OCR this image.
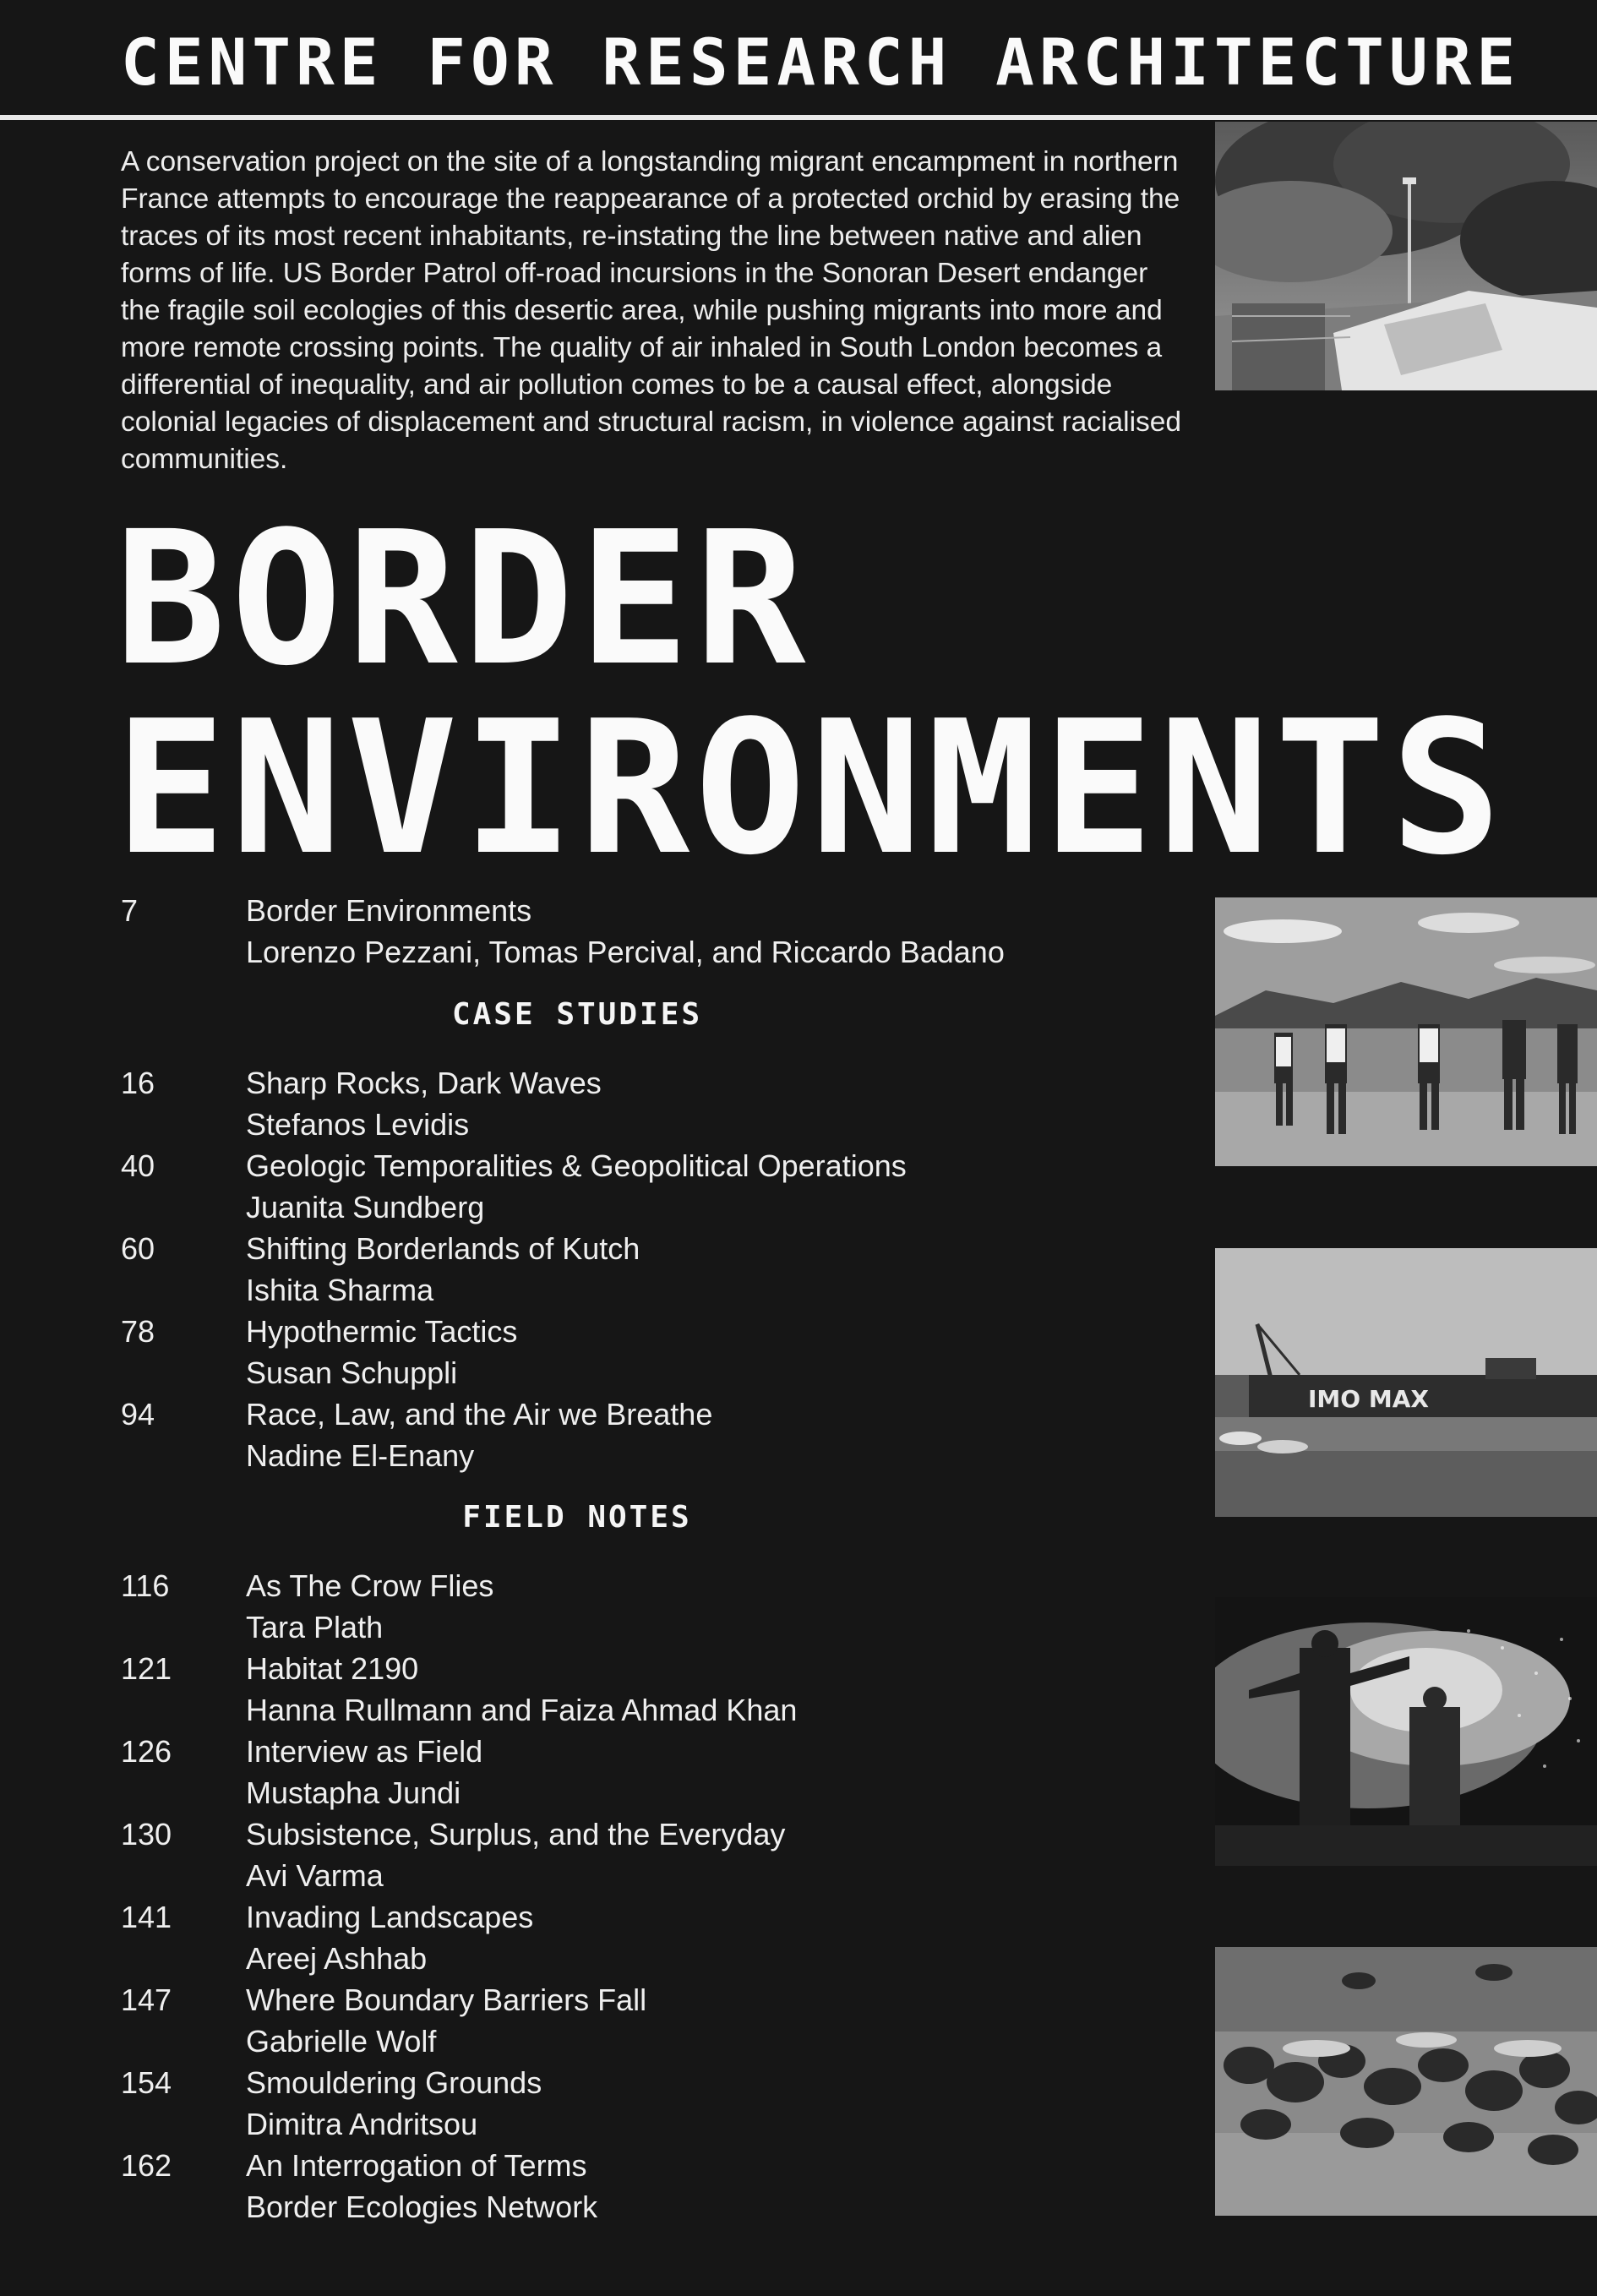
CENTRE FOR RESEARCH ARCHITECTURE

A conservation project on the site of a longstanding migrant encampment in northern France attempts to encourage the reappearance of a protected orchid by erasing the traces of its most recent inhabitants, re-instating the line between native and alien forms of life. US Border Patrol off-road incursions in the Sonoran Desert endanger the fragile soil ecologies of this desertic area, while pushing migrants into more and more remote crossing points. The quality of air inhaled in South London becomes a differential of inequality, and air pollution comes to be a causal effect, alongside colonial legacies of displacement and structural racism, in violence against racialised communities.

BORDER
ENVIRONMENTS
IMO MAX
7	Border Environments
Lorenzo Pezzani, Tomas Percival, and Riccardo Badano
CASE STUDIES
16	Sharp Rocks, Dark Waves
Stefanos Levidis
40	Geologic Temporalities & Geopolitical Operations
Juanita Sundberg
60	Shifting Borderlands of Kutch
Ishita Sharma
78	Hypothermic Tactics
Susan Schuppli
94	Race, Law, and the Air we Breathe
Nadine El-Enany
FIELD NOTES
116	As The Crow Flies
Tara Plath
121	Habitat 2190
Hanna Rullmann and Faiza Ahmad Khan
126	Interview as Field
Mustapha Jundi
130	Subsistence, Surplus, and the Everyday
Avi Varma
141	Invading Landscapes
Areej Ashhab
147	Where Boundary Barriers Fall
Gabrielle Wolf
154	Smouldering Grounds
Dimitra Andritsou
162	An Interrogation of Terms
Border Ecologies Network
